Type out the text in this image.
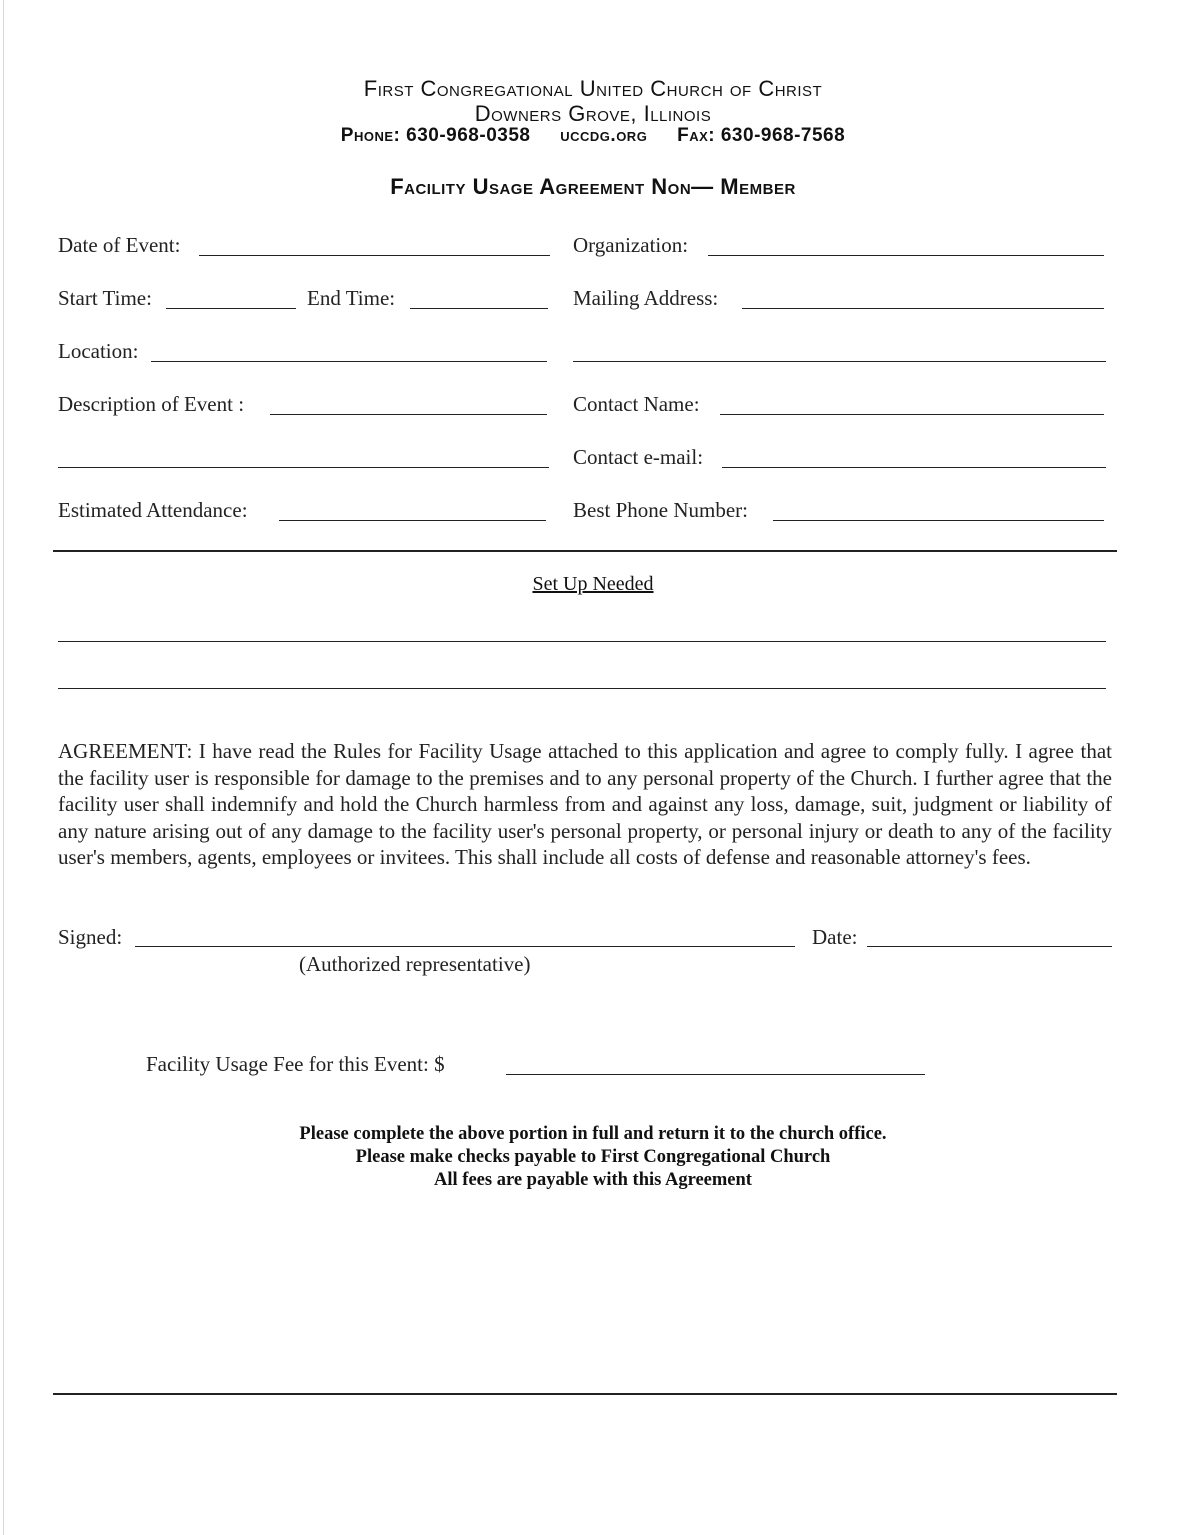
First Congregational United Church of Christ
Downers Grove, Illinois
Phone: 630-968-0358 uccdg.org Fax: 630-968-7568
Facility Usage Agreement Non— Member
Date of Event:	Organization:
Start Time:	End Time:	Mailing Address:
Location:
Description of Event :	Contact Name:
Contact e-mail:
Estimated Attendance:	Best Phone Number:
Set Up Needed
AGREEMENT: I have read the Rules for Facility Usage attached to this application and agree to comply fully. I agree that the facility user is responsible for damage to the premises and to any personal property of the Church. I further agree that the facility user shall indemnify and hold the Church harmless from and against any loss, damage, suit, judgment or liability of any nature arising out of any damage to the facility user's personal property, or personal injury or death to any of the facility user's members, agents, employees or invitees. This shall include all costs of defense and reasonable attorney's fees.
Signed:	Date:
(Authorized representative)
Facility Usage Fee for this Event: $
Please complete the above portion in full and return it to the church office.
Please make checks payable to First Congregational Church
All fees are payable with this Agreement
